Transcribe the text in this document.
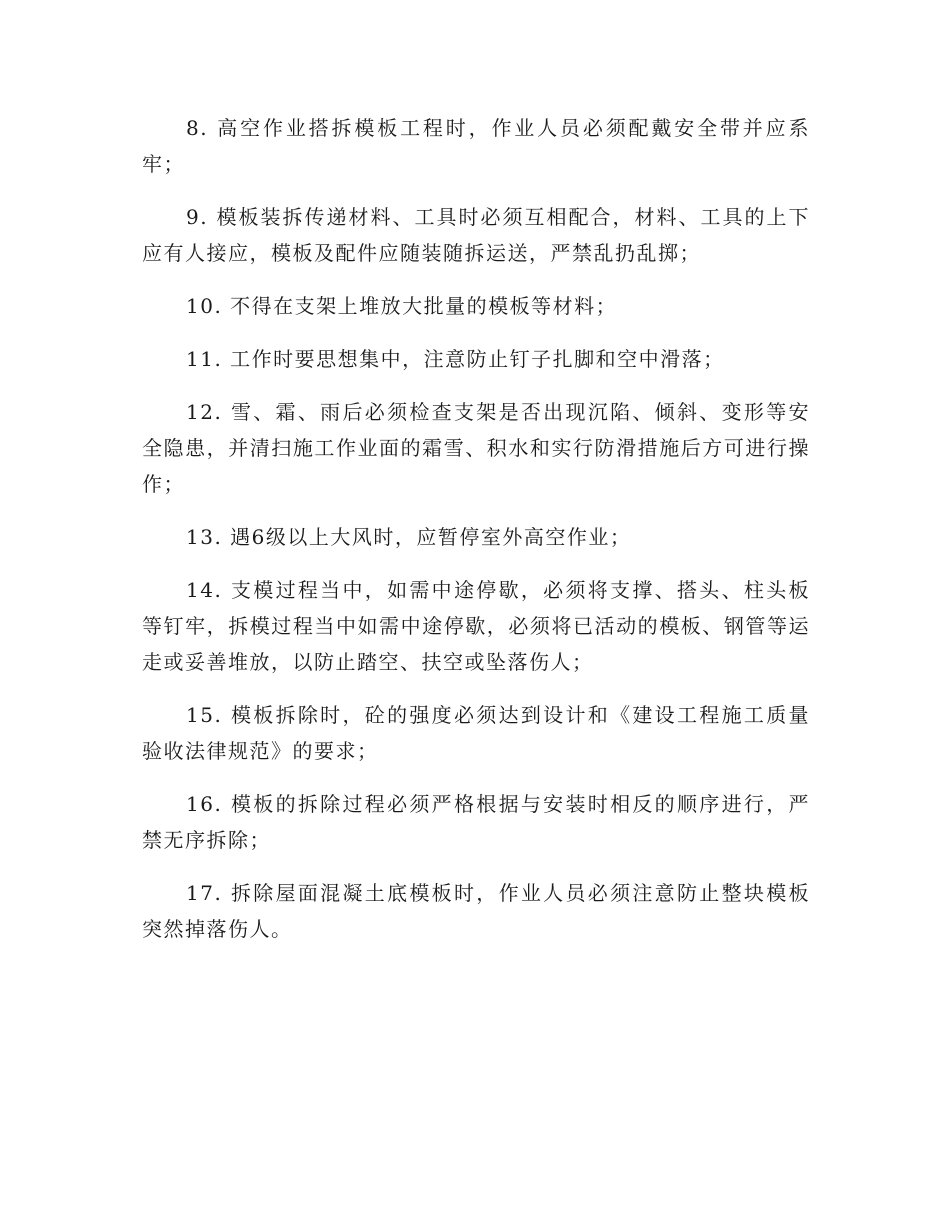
8. 高空作业搭拆模板工程时，作业人员必须配戴安全带并应系牢；

9. 模板装拆传递材料、工具时必须互相配合，材料、工具的上下应有人接应，模板及配件应随装随拆运送，严禁乱扔乱掷；

10. 不得在支架上堆放大批量的模板等材料；

11. 工作时要思想集中，注意防止钉子扎脚和空中滑落；

12. 雪、霜、雨后必须检查支架是否出现沉陷、倾斜、变形等安全隐患，并清扫施工作业面的霜雪、积水和实行防滑措施后方可进行操作；

13. 遇6级以上大风时，应暂停室外高空作业；

14. 支模过程当中，如需中途停歇，必须将支撑、搭头、柱头板等钉牢，拆模过程当中如需中途停歇，必须将已活动的模板、钢管等运走或妥善堆放，以防止踏空、扶空或坠落伤人；

15. 模板拆除时，砼的强度必须达到设计和《建设工程施工质量验收法律规范》的要求；

16. 模板的拆除过程必须严格根据与安装时相反的顺序进行，严禁无序拆除；

17. 拆除屋面混凝土底模板时，作业人员必须注意防止整块模板突然掉落伤人。
